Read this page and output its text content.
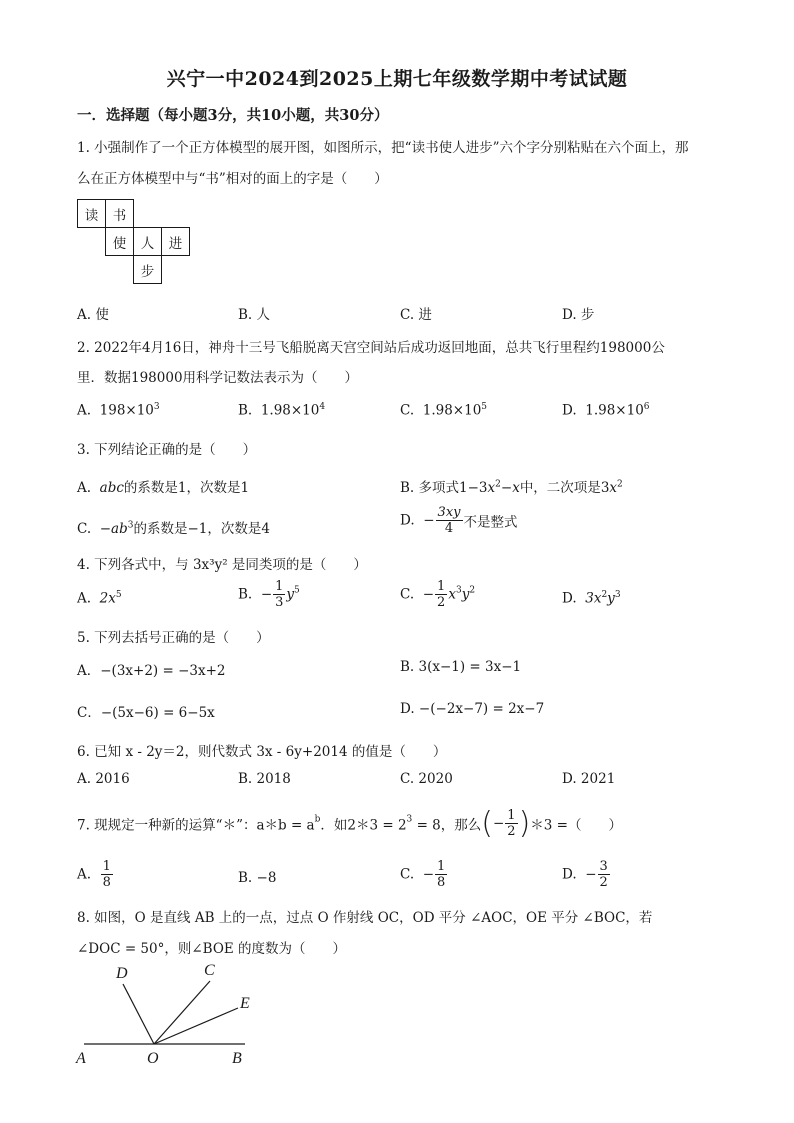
兴宁一中2024到2025上期七年级数学期中考试试题
一．选择题（每小题3分，共10小题，共30分）
1. 小强制作了一个正方体模型的展开图，如图所示，把“读书使人进步”六个字分别粘贴在六个面上，那
么在正方体模型中与“书”相对的面上的字是（　　）
读	书
使	人	进
步
A. 使	B. 人	C. 进	D. 步
2. 2022年4月16日，神舟十三号飞船脱离天宫空间站后成功返回地面，总共飞行里程约198000公
里．数据198000用科学记数法表示为（　　）
A. $198\times 10^3$	B. $1.98\times 10^4$	C. $1.98\times 10^5$	D. $1.98\times 10^6$
3. 下列结论正确的是（　　）
A. abc的系数是1，次数是1	B. 多项式$1-3x^2-x$中，二次项是$3x^2$
C. $-ab^3$的系数是−1，次数是4
D. − $\frac{3xy}{4}$ 不是整式
4. 下列各式中，与 3x³y² 是同类项的是（　　）
A. $2x^5$	B. − $\frac{1}{3} y^5$	C. − $\frac{1}{2} x^3y^2$	D. $3x^2y^3$
5. 下列去括号正确的是（　　）
A．−(3x+2) = −3x+2	B. 3(x−1) = 3x−1
C．−(5x−6) = 6−5x	D. −(−2x−7) = 2x−7
6. 已知 x - 2y＝2，则代数式 3x - 6y+2014 的值是（　　）
A. 2016	B. 2018	C. 2020	D. 2021
7. 现规定一种新的运算“＊”：a＊b = $a^b$．如2＊3 = $2^3 = 8$，那么(− $\frac{1}{2}$ )＊3 =（　　）
A. $\frac{1}{8}$	B. −8	C. − $\frac{1}{8}$	D. − $\frac{3}{2}$
8. 如图，O 是直线 AB 上的一点，过点 O 作射线 OC，OD 平分 ∠AOC，OE 平分 ∠BOC，若
∠DOC = 50°，则∠BOE 的度数为（　　）
D	C
E
A	O	B
